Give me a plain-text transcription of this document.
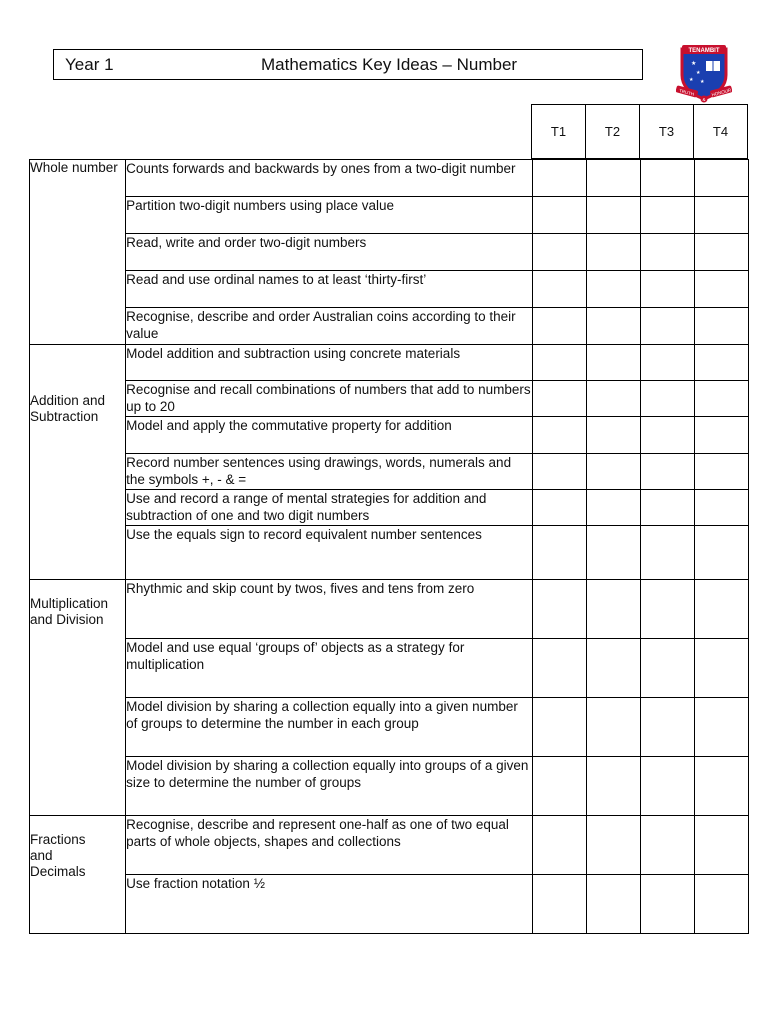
Year 1	Mathematics Key Ideas – Number
TENAMBIT
★
★
★ ★
TRUTH	HONOUR
&
T1	T2	T3	T4
Whole number	Counts forwards and backwards by ones from a two-digit number				
	Partition two-digit numbers using place value				
	Read, write and order two-digit numbers				
	Read and use ordinal names to at least ‘thirty-first’				
	Recognise, describe and order Australian coins according to their value				

Addition and Subtraction	Model addition and subtraction using concrete materials				
	Recognise and recall combinations of numbers that add to numbers up to 20				
	Model and apply the commutative property for addition				
	Record number sentences using drawings, words, numerals and the symbols +, - & =				
	Use and record a range of mental strategies for addition and subtraction of one and two digit numbers				
	Use the equals sign to record equivalent number sentences				

Multiplication and Division	Rhythmic and skip count by twos, fives and tens from zero				
	Model and use equal ‘groups of’ objects as a strategy for multiplication				
	Model division by sharing a collection equally into a given number of groups to determine the number in each group				
	Model division by sharing a collection equally into groups of a given size to determine the number of groups				

Fractions and Decimals	Recognise, describe and represent one-half as one of two equal parts of whole objects, shapes and collections				
	Use fraction notation ½				
